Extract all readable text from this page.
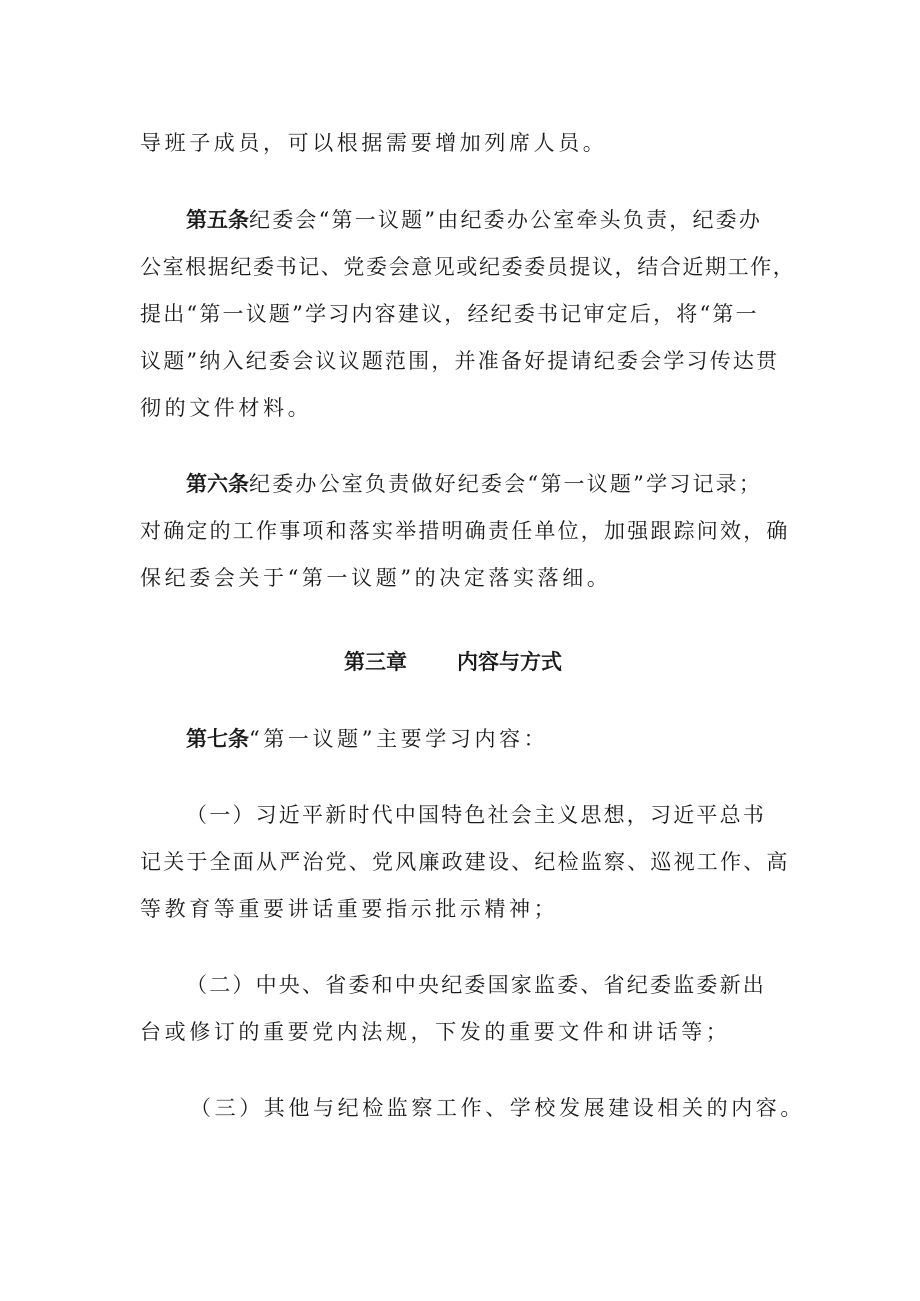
导班子成员，可以根据需要增加列席人员。

第五条纪委会“第一议题”由纪委办公室牵头负责，纪委办

公室根据纪委书记、党委会意见或纪委委员提议，结合近期工作，

提出“第一议题”学习内容建议，经纪委书记审定后，将“第一

议题”纳入纪委会议议题范围，并准备好提请纪委会学习传达贯

彻的文件材料。

第六条纪委办公室负责做好纪委会“第一议题”学习记录；

对确定的工作事项和落实举措明确责任单位，加强跟踪问效，确

保纪委会关于“第一议题”的决定落实落细。

第三章 内容与方式

第七条“第一议题”主要学习内容：

（一）习近平新时代中国特色社会主义思想，习近平总书

记关于全面从严治党、党风廉政建设、纪检监察、巡视工作、高

等教育等重要讲话重要指示批示精神；

（二）中央、省委和中央纪委国家监委、省纪委监委新出

台或修订的重要党内法规，下发的重要文件和讲话等；

（三）其他与纪检监察工作、学校发展建设相关的内容。
